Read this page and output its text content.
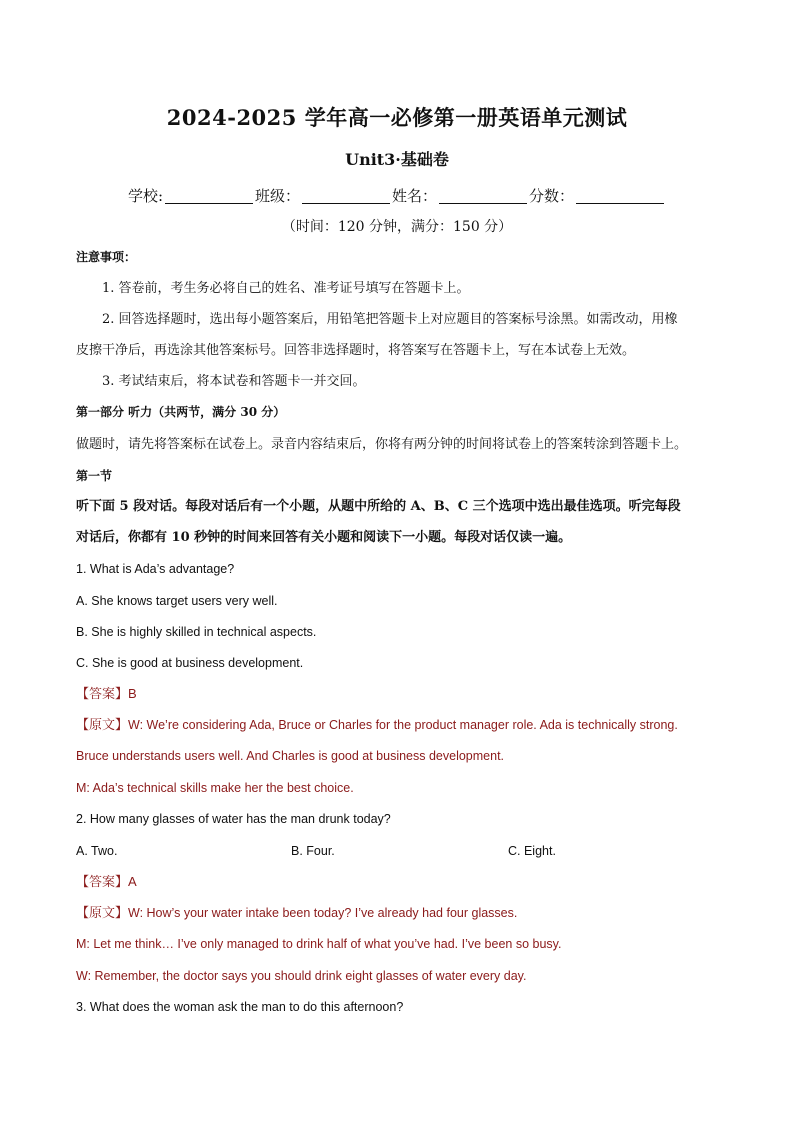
2024-2025 学年高一必修第一册英语单元测试
Unit3·基础卷
学校:	班级：	姓名：	分数：
（时间：120 分钟，满分：150 分）
注意事项：
1. 答卷前，考生务必将自己的姓名、准考证号填写在答题卡上。
2. 回答选择题时，选出每小题答案后，用铅笔把答题卡上对应题目的答案标号涂黑。如需改动，用橡
皮擦干净后，再选涂其他答案标号。回答非选择题时，将答案写在答题卡上，写在本试卷上无效。
3. 考试结束后，将本试卷和答题卡一并交回。
第一部分 听力（共两节，满分 30 分）
做题时，请先将答案标在试卷上。录音内容结束后，你将有两分钟的时间将试卷上的答案转涂到答题卡上。
第一节
听下面 5 段对话。每段对话后有一个小题，从题中所给的 A、B、C 三个选项中选出最佳选项。听完每段
对话后，你都有 10 秒钟的时间来回答有关小题和阅读下一小题。每段对话仅读一遍。
1. What is Ada’s advantage?
A. She knows target users very well.
B. She is highly skilled in technical aspects.
C. She is good at business development.
【答案】B
【原文】W: We’re considering Ada, Bruce or Charles for the product manager role. Ada is technically strong.
Bruce understands users well. And Charles is good at business development.
M: Ada’s technical skills make her the best choice.
2. How many glasses of water has the man drunk today?
A. Two.	B. Four.	C. Eight.
【答案】A
【原文】W: How’s your water intake been today? I’ve already had four glasses.
M: Let me think… I’ve only managed to drink half of what you’ve had. I’ve been so busy.
W: Remember, the doctor says you should drink eight glasses of water every day.
3. What does the woman ask the man to do this afternoon?
